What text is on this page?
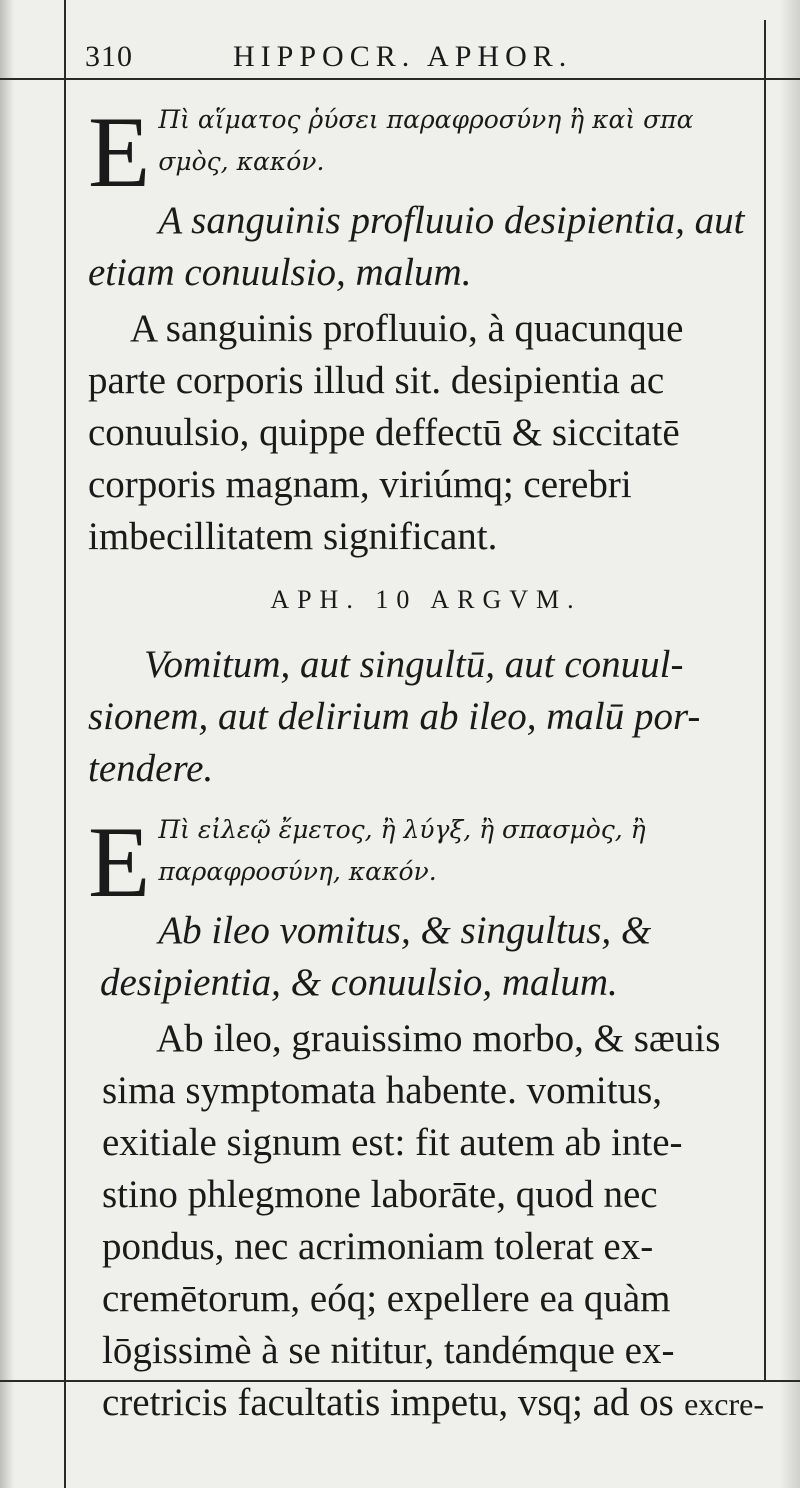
310	HIPPOCR. APHOR.
E Πὶ αἵματος ῥύσει παραφροσύνη ἢ καὶ σπα
σμὸς, κακόν.
A sanguinis profluuio desipientia, aut
etiam conuulsio, malum.
A sanguinis profluuio, à quacunque
parte corporis illud sit. desipientia ac
conuulsio, quippe deffectū & siccitatē
corporis magnam, viriúmq; cerebri
imbecillitatem significant.
APH. 10 ARGVM.
Vomitum, aut singultū, aut conuul-
sionem, aut delirium ab ileo, malū por-
tendere.
E Πὶ εἰλεῷ ἔμετος, ἢ λύγξ, ἢ σπασμὸς, ἢ
παραφροσύνη, κακόν.
Ab ileo vomitus, & singultus, &
desipientia, & conuulsio, malum.
Ab ileo, grauissimo morbo, & sæuis
sima symptomata habente. vomitus,
exitiale signum est: fit autem ab inte-
stino phlegmone laborāte, quod nec
pondus, nec acrimoniam tolerat ex-
cremētorum, eóq; expellere ea quàm
lōgissimè à se nititur, tandémque ex-
cretricis facultatis impetu, vsq; ad os excre-
